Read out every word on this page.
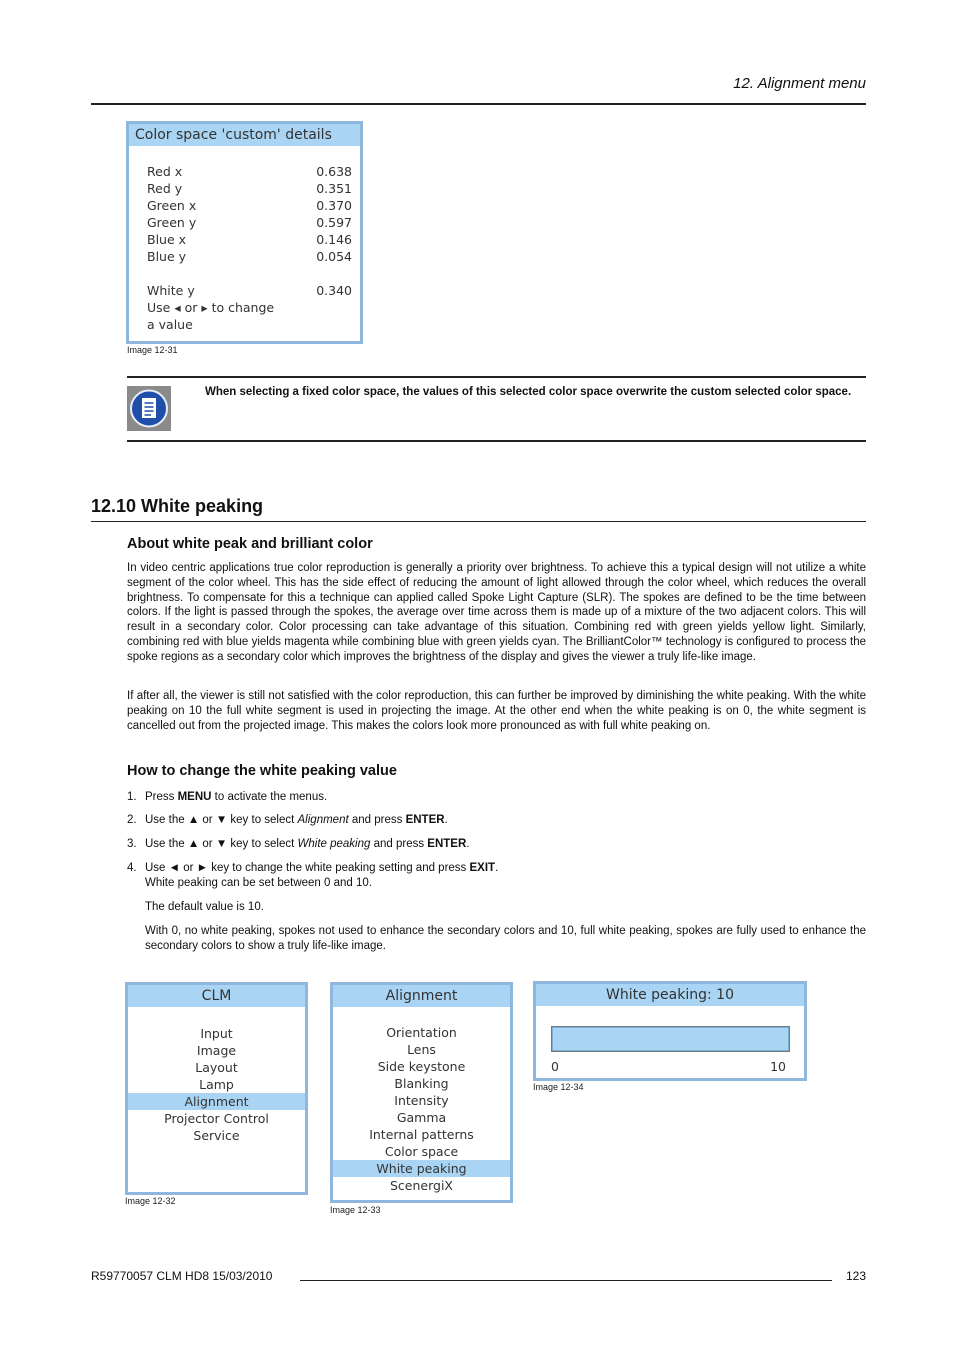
12. Alignment menu
Color space 'custom' details
Red x	0.638
Red y	0.351
Green x	0.370
Green y	0.597
Blue x	0.146
Blue y	0.054
White y	0.340
Use ◂ or ▸ to change
a value
Image 12-31
When selecting a fixed color space, the values of this selected color space overwrite the custom selected color space.
12.10 White peaking
About white peak and brilliant color
In video centric applications true color reproduction is generally a priority over brightness. To achieve this a typical design will not utilize a white segment of the color wheel. This has the side effect of reducing the amount of light allowed through the color wheel, which reduces the overall brightness. To compensate for this a technique can applied called Spoke Light Capture (SLR). The spokes are defined to be the time between colors. If the light is passed through the spokes, the average over time across them is made up of a mixture of the two adjacent colors. This will result in a secondary color. Color processing can take advantage of this situation. Combining red with green yields yellow light. Similarly, combining red with blue yields magenta while combining blue with green yields cyan. The BrilliantColor™ technology is configured to process the spoke regions as a secondary color which improves the brightness of the display and gives the viewer a truly life-like image.
If after all, the viewer is still not satisfied with the color reproduction, this can further be improved by diminishing the white peaking. With the white peaking on 10 the full white segment is used in projecting the image. At the other end when the white peaking is on 0, the white segment is cancelled out from the projected image. This makes the colors look more pronounced as with full white peaking on.
How to change the white peaking value
1. Press MENU to activate the menus.
2. Use the ▲ or ▼ key to select Alignment and press ENTER.
3. Use the ▲ or ▼ key to select White peaking and press ENTER.
4. Use ◄ or ► key to change the white peaking setting and press EXIT.
White peaking can be set between 0 and 10.
The default value is 10.
With 0, no white peaking, spokes not used to enhance the secondary colors and 10, full white peaking, spokes are fully used to enhance the secondary colors to show a truly life-like image.
CLM
Input
Image
Layout
Lamp
Alignment
Projector Control
Service
Image 12-32
Alignment
Orientation
Lens
Side keystone
Blanking
Intensity
Gamma
Internal patterns
Color space
White peaking
ScenergiX
Image 12-33
White peaking: 10
0	10
Image 12-34
R59770057 CLM HD8 15/03/2010	123
